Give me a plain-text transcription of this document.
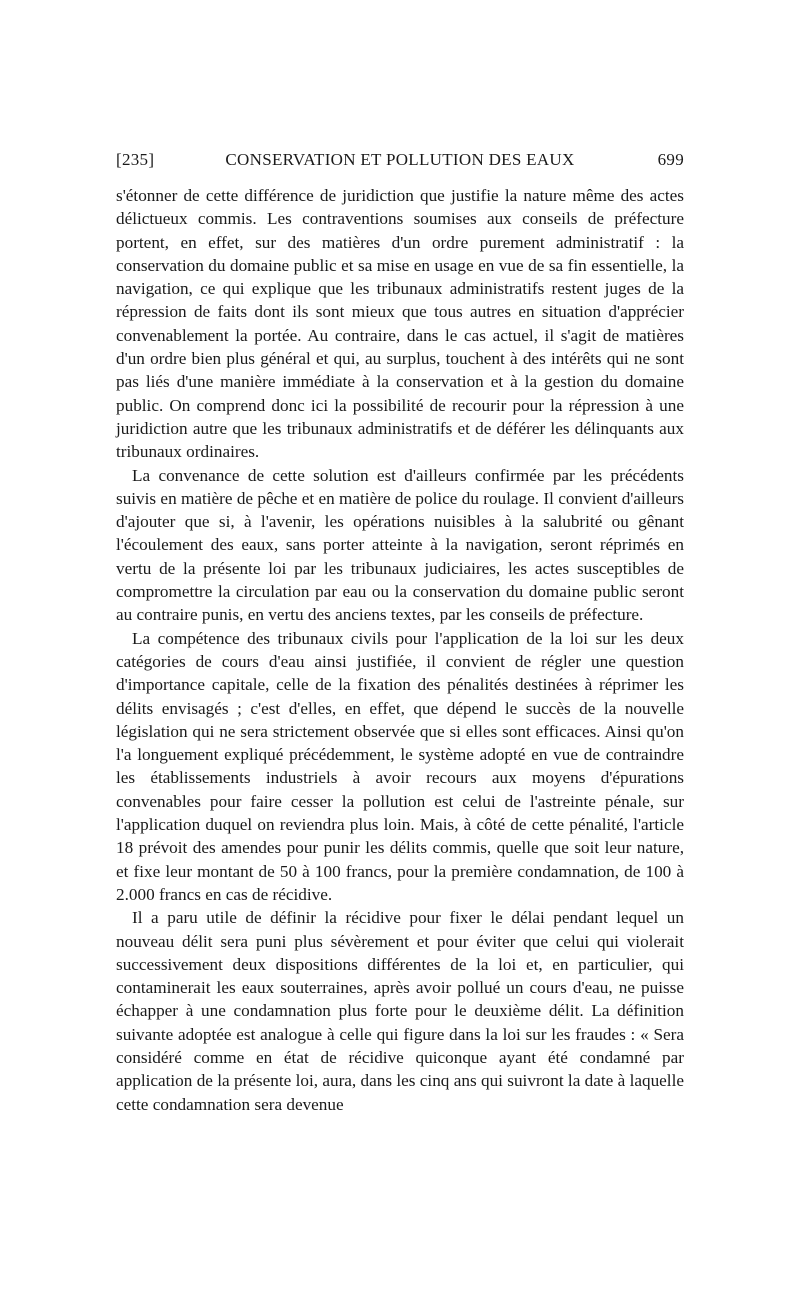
[235]	CONSERVATION ET POLLUTION DES EAUX	699

s'étonner de cette différence de juridiction que justifie la nature même des actes délictueux commis. Les contraventions soumises aux conseils de préfecture portent, en effet, sur des matières d'un ordre purement administratif : la conservation du domaine public et sa mise en usage en vue de sa fin essentielle, la navigation, ce qui explique que les tribunaux administratifs restent juges de la répression de faits dont ils sont mieux que tous autres en situation d'apprécier convenablement la portée. Au contraire, dans le cas actuel, il s'agit de matières d'un ordre bien plus général et qui, au surplus, touchent à des intérêts qui ne sont pas liés d'une manière immédiate à la conservation et à la gestion du domaine public. On comprend donc ici la possibilité de recourir pour la répression à une juridiction autre que les tribunaux administratifs et de déférer les délinquants aux tribunaux ordinaires.

La convenance de cette solution est d'ailleurs confirmée par les précédents suivis en matière de pêche et en matière de police du roulage. Il convient d'ailleurs d'ajouter que si, à l'avenir, les opérations nuisibles à la salubrité ou gênant l'écoulement des eaux, sans porter atteinte à la navigation, seront réprimés en vertu de la présente loi par les tribunaux judiciaires, les actes susceptibles de compromettre la circulation par eau ou la conservation du domaine public seront au contraire punis, en vertu des anciens textes, par les conseils de préfecture.

La compétence des tribunaux civils pour l'application de la loi sur les deux catégories de cours d'eau ainsi justifiée, il convient de régler une question d'importance capitale, celle de la fixation des pénalités destinées à réprimer les délits envisagés ; c'est d'elles, en effet, que dépend le succès de la nouvelle législation qui ne sera strictement observée que si elles sont efficaces. Ainsi qu'on l'a longuement expliqué précédemment, le système adopté en vue de contraindre les établissements industriels à avoir recours aux moyens d'épurations convenables pour faire cesser la pollution est celui de l'astreinte pénale, sur l'application duquel on reviendra plus loin. Mais, à côté de cette pénalité, l'article 18 prévoit des amendes pour punir les délits commis, quelle que soit leur nature, et fixe leur montant de 50 à 100 francs, pour la première condamnation, de 100 à 2.000 francs en cas de récidive.

Il a paru utile de définir la récidive pour fixer le délai pendant lequel un nouveau délit sera puni plus sévèrement et pour éviter que celui qui violerait successivement deux dispositions différentes de la loi et, en particulier, qui contaminerait les eaux souterraines, après avoir pollué un cours d'eau, ne puisse échapper à une condamnation plus forte pour le deuxième délit. La définition suivante adoptée est analogue à celle qui figure dans la loi sur les fraudes : « Sera considéré comme en état de récidive quiconque ayant été condamné par application de la présente loi, aura, dans les cinq ans qui suivront la date à laquelle cette condamnation sera devenue
